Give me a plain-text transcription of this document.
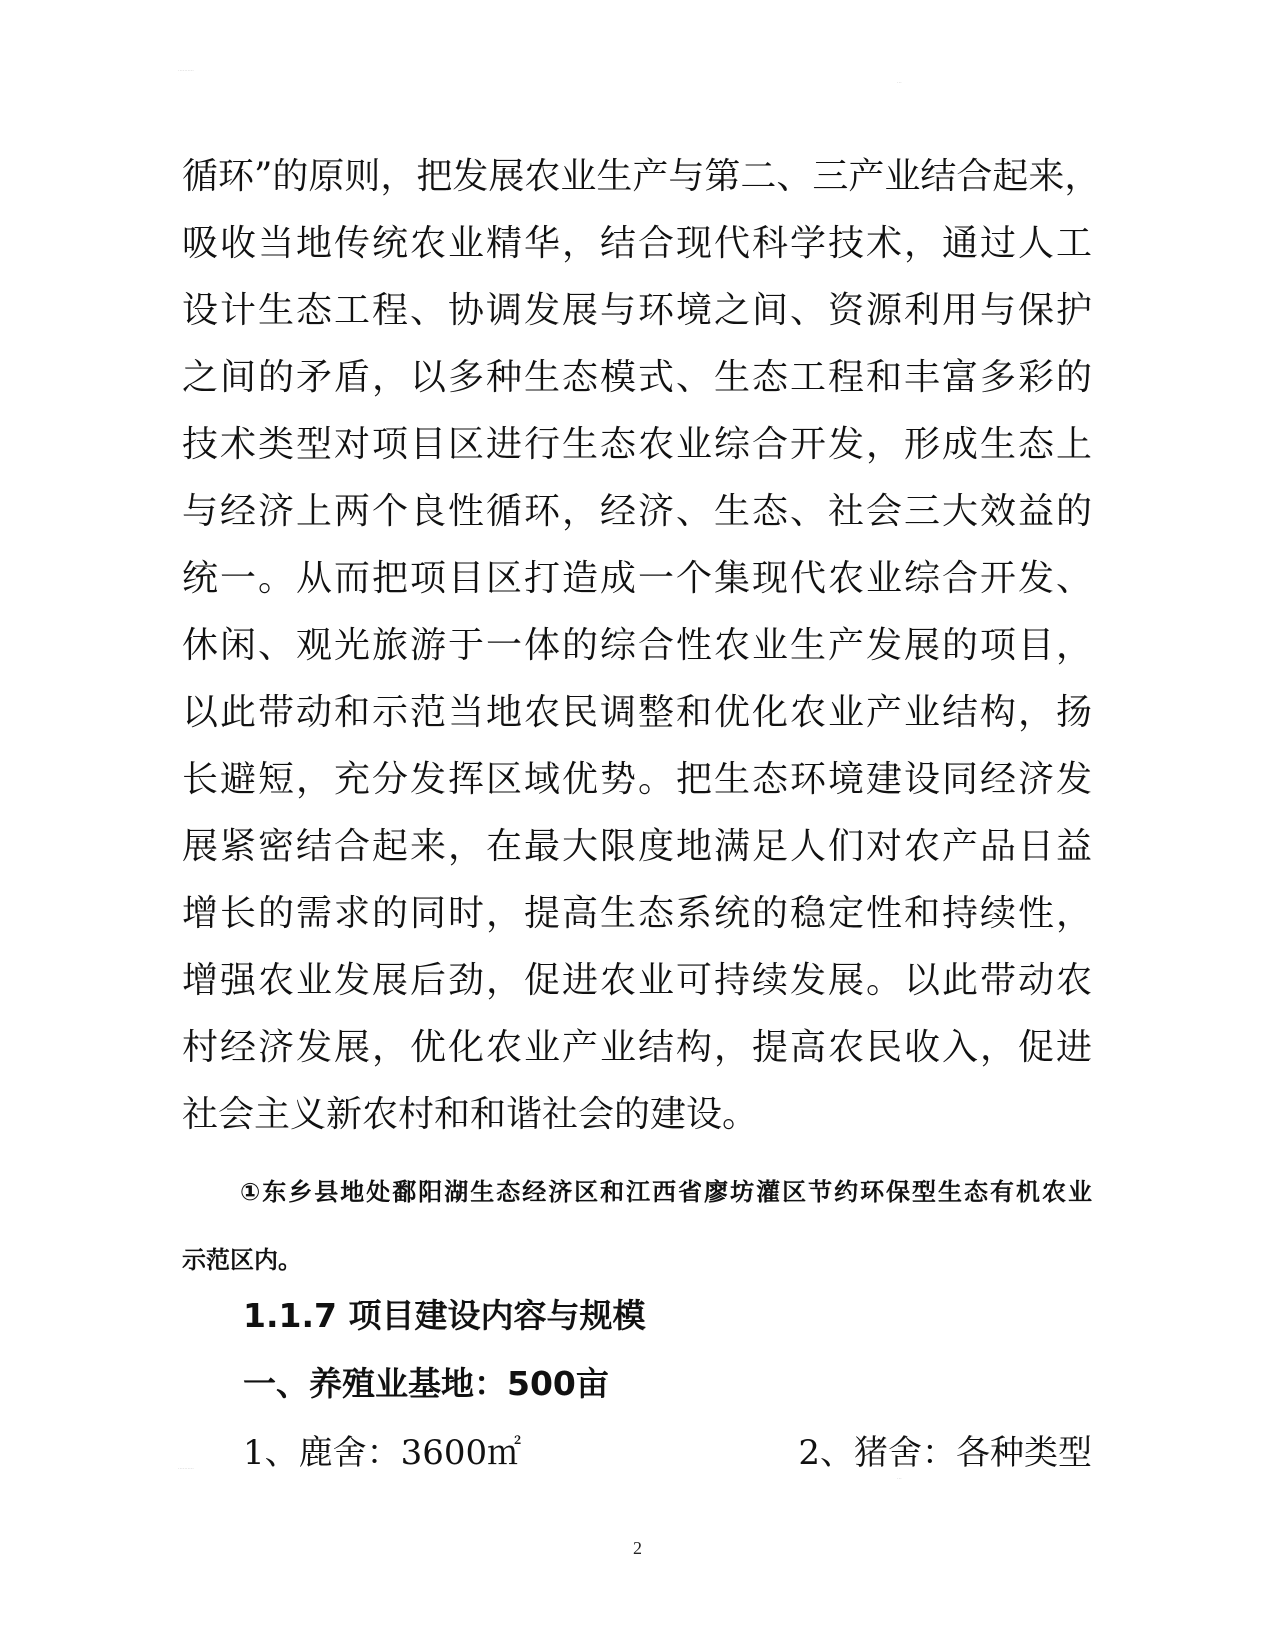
··········
···
循环”的原则，把发展农业生产与第二、三产业结合起来，
吸收当地传统农业精华，结合现代科学技术，通过人工
设计生态工程、协调发展与环境之间、资源利用与保护
之间的矛盾，以多种生态模式、生态工程和丰富多彩的
技术类型对项目区进行生态农业综合开发，形成生态上
与经济上两个良性循环，经济、生态、社会三大效益的
统一。从而把项目区打造成一个集现代农业综合开发、
休闲、观光旅游于一体的综合性农业生产发展的项目，
以此带动和示范当地农民调整和优化农业产业结构，扬
长避短，充分发挥区域优势。把生态环境建设同经济发
展紧密结合起来，在最大限度地满足人们对农产品日益
增长的需求的同时，提高生态系统的稳定性和持续性，
增强农业发展后劲，促进农业可持续发展。以此带动农
村经济发展，优化农业产业结构，提高农民收入，促进
社会主义新农村和和谐社会的建设。
①东乡县地处鄱阳湖生态经济区和江西省廖坊灌区节约环保型生态有机农业
示范区内。
1.1.7 项目建设内容与规模
一、养殖业基地：500亩
1、鹿舍：3600㎡	2、猪舍：各种类型
2
··········
···
